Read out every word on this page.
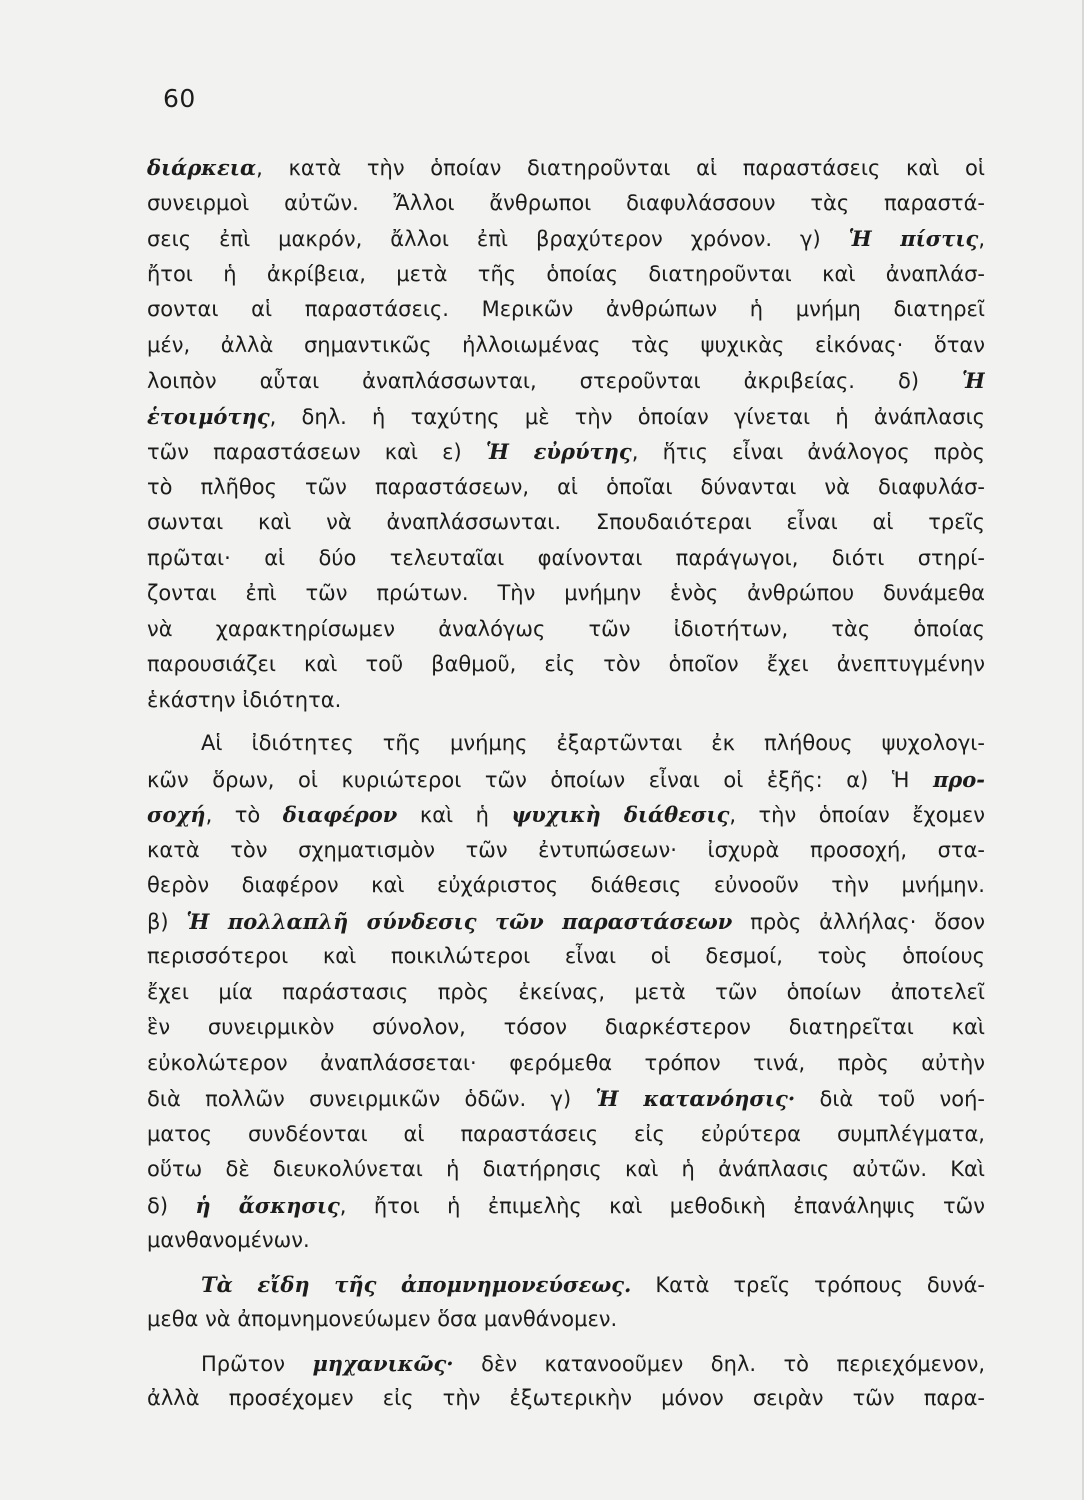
60
διάρκεια, κατὰ τὴν ὁποίαν διατηροῦνται αἱ παραστάσεις καὶ οἱ
συνειρμοὶ αὐτῶν. Ἄλλοι ἄνθρωποι διαφυλάσσουν τὰς παραστά-
σεις ἐπὶ μακρόν, ἄλλοι ἐπὶ βραχύτερον χρόνον. γ) Ἡ πίστις,
ἤτοι ἡ ἀκρίβεια, μετὰ τῆς ὁποίας διατηροῦνται καὶ ἀναπλάσ-
σονται αἱ παραστάσεις. Μερικῶν ἀνθρώπων ἡ μνήμη διατηρεῖ
μέν, ἀλλὰ σημαντικῶς ἠλλοιωμένας τὰς ψυχικὰς εἰκόνας· ὅταν
λοιπὸν αὗται ἀναπλάσσωνται, στεροῦνται ἀκριβείας. δ) Ἡ
ἑτοιμότης, δηλ. ἡ ταχύτης μὲ τὴν ὁποίαν γίνεται ἡ ἀνάπλασις
τῶν παραστάσεων καὶ ε) Ἡ εὐρύτης, ἥτις εἶναι ἀνάλογος πρὸς
τὸ πλῆθος τῶν παραστάσεων, αἱ ὁποῖαι δύνανται νὰ διαφυλάσ-
σωνται καὶ νὰ ἀναπλάσσωνται. Σπουδαιότεραι εἶναι αἱ τρεῖς
πρῶται· αἱ δύο τελευταῖαι φαίνονται παράγωγοι, διότι στηρί-
ζονται ἐπὶ τῶν πρώτων. Τὴν μνήμην ἑνὸς ἀνθρώπου δυνάμεθα
νὰ χαρακτηρίσωμεν ἀναλόγως τῶν ἰδιοτήτων, τὰς ὁποίας
παρουσιάζει καὶ τοῦ βαθμοῦ, εἰς τὸν ὁποῖον ἔχει ἀνεπτυγμένην
ἑκάστην ἰδιότητα.
Αἱ ἰδιότητες τῆς μνήμης ἐξαρτῶνται ἐκ πλήθους ψυχολογι-
κῶν ὅρων, οἱ κυριώτεροι τῶν ὁποίων εἶναι οἱ ἑξῆς: α) Ἡ προ-
σοχή, τὸ διαφέρον καὶ ἡ ψυχικὴ διάθεσις, τὴν ὁποίαν ἔχομεν
κατὰ τὸν σχηματισμὸν τῶν ἐντυπώσεων· ἰσχυρὰ προσοχή, στα-
θερὸν διαφέρον καὶ εὐχάριστος διάθεσις εὐνοοῦν τὴν μνήμην.
β) Ἡ πολλαπλῆ σύνδεσις τῶν παραστάσεων πρὸς ἀλλήλας· ὅσον
περισσότεροι καὶ ποικιλώτεροι εἶναι οἱ δεσμοί, τοὺς ὁποίους
ἔχει μία παράστασις πρὸς ἐκείνας, μετὰ τῶν ὁποίων ἀποτελεῖ
ἓν συνειρμικὸν σύνολον, τόσον διαρκέστερον διατηρεῖται καὶ
εὐκολώτερον ἀναπλάσσεται· φερόμεθα τρόπον τινά, πρὸς αὐτὴν
διὰ πολλῶν συνειρμικῶν ὁδῶν. γ) Ἡ κατανόησις· διὰ τοῦ νοή-
ματος συνδέονται αἱ παραστάσεις εἰς εὐρύτερα συμπλέγματα,
οὕτω δὲ διευκολύνεται ἡ διατήρησις καὶ ἡ ἀνάπλασις αὐτῶν. Καὶ
δ) ἡ ἄσκησις, ἤτοι ἡ ἐπιμελὴς καὶ μεθοδικὴ ἐπανάληψις τῶν
μανθανομένων.
Τὰ εἴδη τῆς ἀπομνημονεύσεως. Κατὰ τρεῖς τρόπους δυνά-
μεθα νὰ ἀπομνημονεύωμεν ὅσα μανθάνομεν.
Πρῶτον μηχανικῶς· δὲν κατανοοῦμεν δηλ. τὸ περιεχόμενον,
ἀλλὰ προσέχομεν εἰς τὴν ἐξωτερικὴν μόνον σειρὰν τῶν παρα-
